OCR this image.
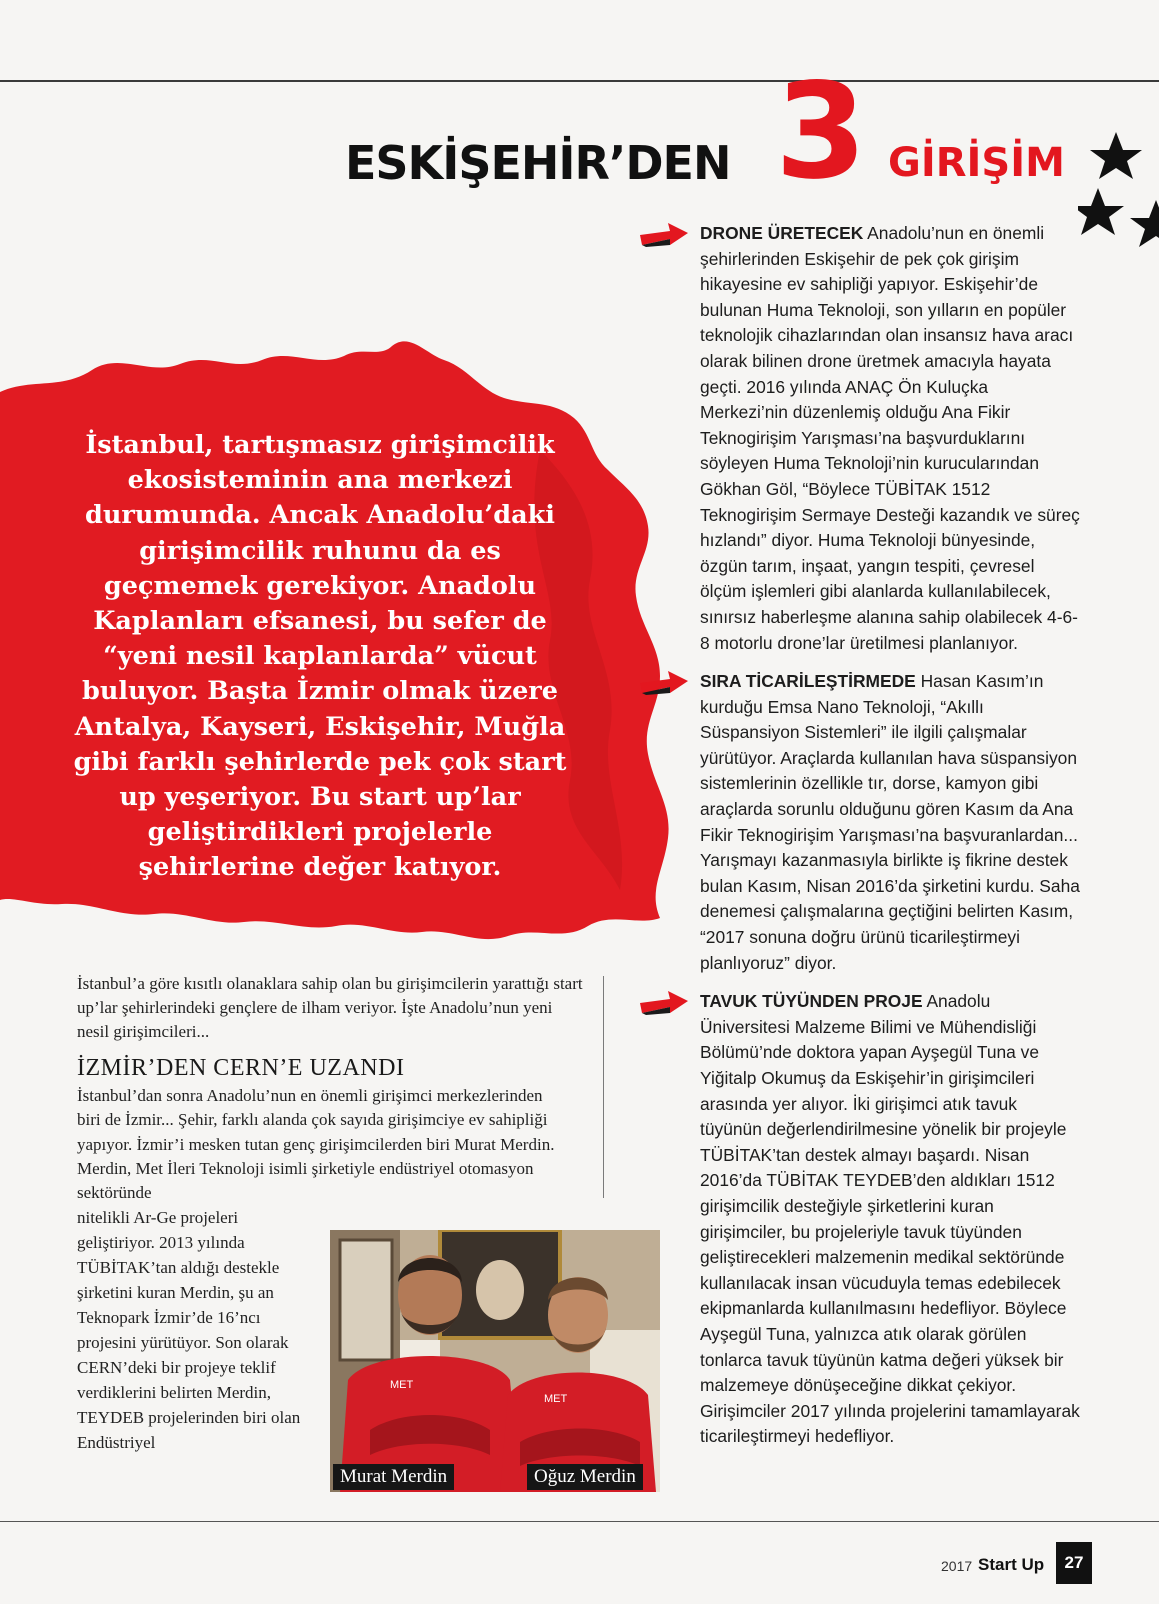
ESKİŞEHİR’DEN 3 GİRİŞİM

İstanbul, tartışmasız girişimcilik ekosisteminin ana merkezi durumunda. Ancak Anadolu’daki girişimcilik ruhunu da es geçmemek gerekiyor. Anadolu Kaplanları efsanesi, bu sefer de “yeni nesil kaplanlarda” vücut buluyor. Başta İzmir olmak üzere Antalya, Kayseri, Eskişehir, Muğla gibi farklı şehirlerde pek çok start up yeşeriyor. Bu start up’lar geliştirdikleri projelerle şehirlerine değer katıyor.

İstanbul’a göre kısıtlı olanaklara sahip olan bu girişimcilerin yarattığı start up’lar şehirlerindeki gençlere de ilham veriyor. İşte Anadolu’nun yeni nesil girişimcileri...

İZMİR’DEN CERN’E UZANDI

İstanbul’dan sonra Anadolu’nun en önemli girişimci merkezlerinden biri de İzmir... Şehir, farklı alanda çok sayıda girişimciye ev sahipliği yapıyor. İzmir’i mesken tutan genç girişimcilerden biri Murat Merdin. Merdin, Met İleri Teknoloji isimli şirketiyle endüstriyel otomasyon sektöründe

nitelikli Ar-Ge projeleri geliştiriyor. 2013 yılında TÜBİTAK’tan aldığı destekle şirketini kuran Merdin, şu an Teknopark İzmir’de 16’ncı projesini yürütüyor. Son olarak CERN’deki bir projeye teklif verdiklerini belirten Merdin, TEYDEB projelerinden biri olan Endüstriyel

MET
MET
Murat Merdin	Oğuz Merdin

DRONE ÜRETECEK Anadolu’nun en önemli şehirlerinden Eskişehir de pek çok girişim hikayesine ev sahipliği yapıyor. Eskişehir’de bulunan Huma Teknoloji, son yılların en popüler teknolojik cihazlarından olan insansız hava aracı olarak bilinen drone üretmek amacıyla hayata geçti. 2016 yılında ANAÇ Ön Kuluçka Merkezi’nin düzenlemiş olduğu Ana Fikir Teknogirişim Yarışması’na başvurduklarını söyleyen Huma Teknoloji’nin kurucularından Gökhan Göl, “Böylece TÜBİTAK 1512 Teknogirişim Sermaye Desteği kazandık ve süreç hızlandı” diyor. Huma Teknoloji bünyesinde, özgün tarım, inşaat, yangın tespiti, çevresel ölçüm işlemleri gibi alanlarda kullanılabilecek, sınırsız haberleşme alanına sahip olabilecek 4-6-8 motorlu drone’lar üretilmesi planlanıyor.

SIRA TİCARİLEŞTİRMEDE Hasan Kasım’ın kurduğu Emsa Nano Teknoloji, “Akıllı Süspansiyon Sistemleri” ile ilgili çalışmalar yürütüyor. Araçlarda kullanılan hava süspansiyon sistemlerinin özellikle tır, dorse, kamyon gibi araçlarda sorunlu olduğunu gören Kasım da Ana Fikir Teknogirişim Yarışması’na başvuranlardan... Yarışmayı kazanmasıyla birlikte iş fikrine destek bulan Kasım, Nisan 2016’da şirketini kurdu. Saha denemesi çalışmalarına geçtiğini belirten Kasım, “2017 sonuna doğru ürünü ticarileştirmeyi planlıyoruz” diyor.

TAVUK TÜYÜNDEN PROJE Anadolu Üniversitesi Malzeme Bilimi ve Mühendisliği Bölümü’nde doktora yapan Ayşegül Tuna ve Yiğitalp Okumuş da Eskişehir’in girişimcileri arasında yer alıyor. İki girişimci atık tavuk tüyünün değerlendirilmesine yönelik bir projeyle TÜBİTAK’tan destek almayı başardı. Nisan 2016’da TÜBİTAK TEYDEB’den aldıkları 1512 girişimcilik desteğiyle şirketlerini kuran girişimciler, bu projeleriyle tavuk tüyünden geliştirecekleri malzemenin medikal sektöründe kullanılacak insan vücuduyla temas edebilecek ekipmanlarda kullanılmasını hedefliyor. Böylece Ayşegül Tuna, yalnızca atık olarak görülen tonlarca tavuk tüyünün katma değeri yüksek bir malzemeye dönüşeceğine dikkat çekiyor. Girişimciler 2017 yılında projelerini tamamlayarak ticarileştirmeyi hedefliyor.

2017 Start Up	27
